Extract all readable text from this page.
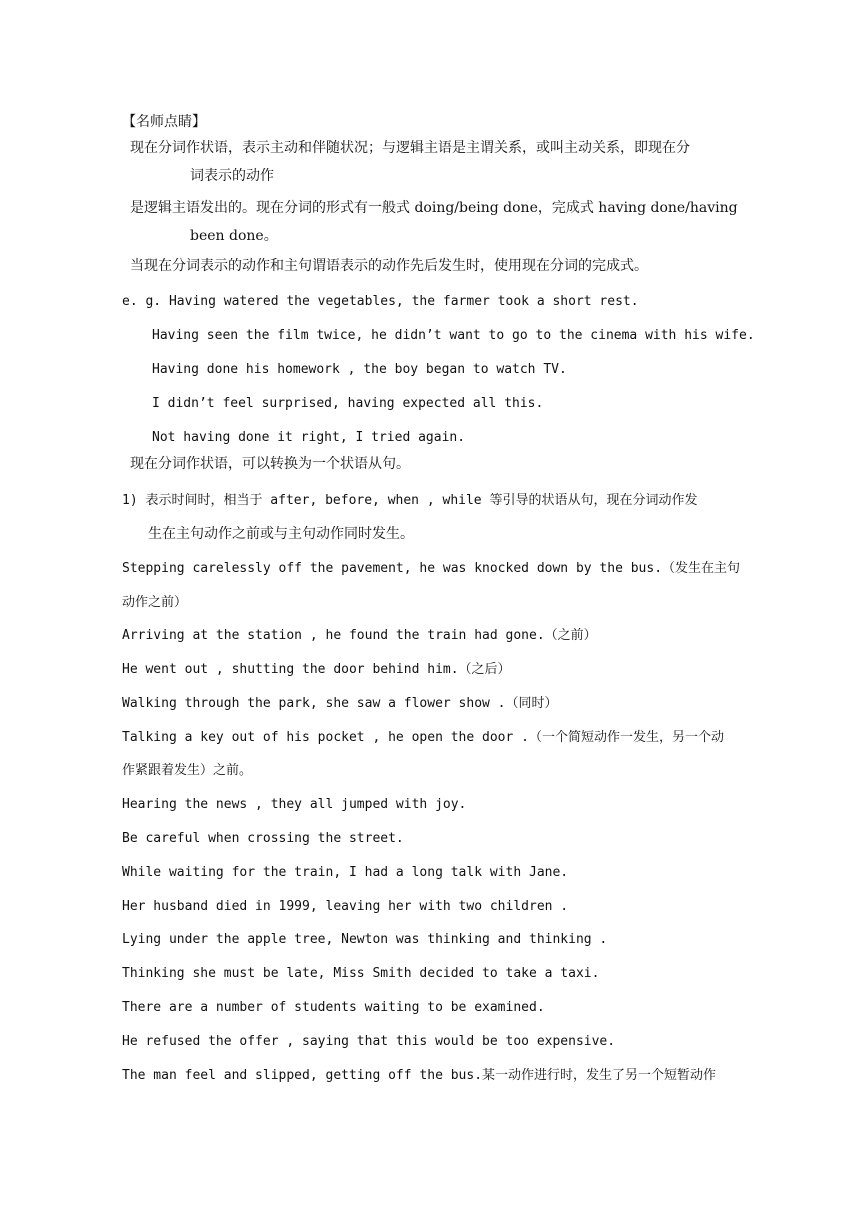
【名师点睛】
现在分词作状语，表示主动和伴随状况；与逻辑主语是主谓关系，或叫主动关系，即现在分
词表示的动作
是逻辑主语发出的。现在分词的形式有一般式 doing/being done，完成式 having done/having
been done。
当现在分词表示的动作和主句谓语表示的动作先后发生时，使用现在分词的完成式。
e. g. Having watered the vegetables, the farmer took a short rest.
Having seen the film twice, he didn’t want to go to the cinema with his wife.
Having done his homework , the boy began to watch TV.
I didn’t feel surprised, having expected all this.
Not having done it right, I tried again.
现在分词作状语，可以转换为一个状语从句。
1) 表示时间时，相当于 after, before, when , while 等引导的状语从句，现在分词动作发
生在主句动作之前或与主句动作同时发生。
Stepping carelessly off the pavement, he was knocked down by the bus.（发生在主句
动作之前）
Arriving at the station , he found the train had gone.（之前）
He went out , shutting the door behind him.（之后）
Walking through the park, she saw a flower show .（同时）
Talking a key out of his pocket , he open the door .（一个简短动作一发生，另一个动
作紧跟着发生）之前。
Hearing the news , they all jumped with joy.
Be careful when crossing the street.
While waiting for the train, I had a long talk with Jane.
Her husband died in 1999, leaving her with two children .
Lying under the apple tree, Newton was thinking and thinking .
Thinking she must be late, Miss Smith decided to take a taxi.
There are a number of students waiting to be examined.
He refused the offer , saying that this would be too expensive.
The man feel and slipped, getting off the bus.某一动作进行时，发生了另一个短暂动作
